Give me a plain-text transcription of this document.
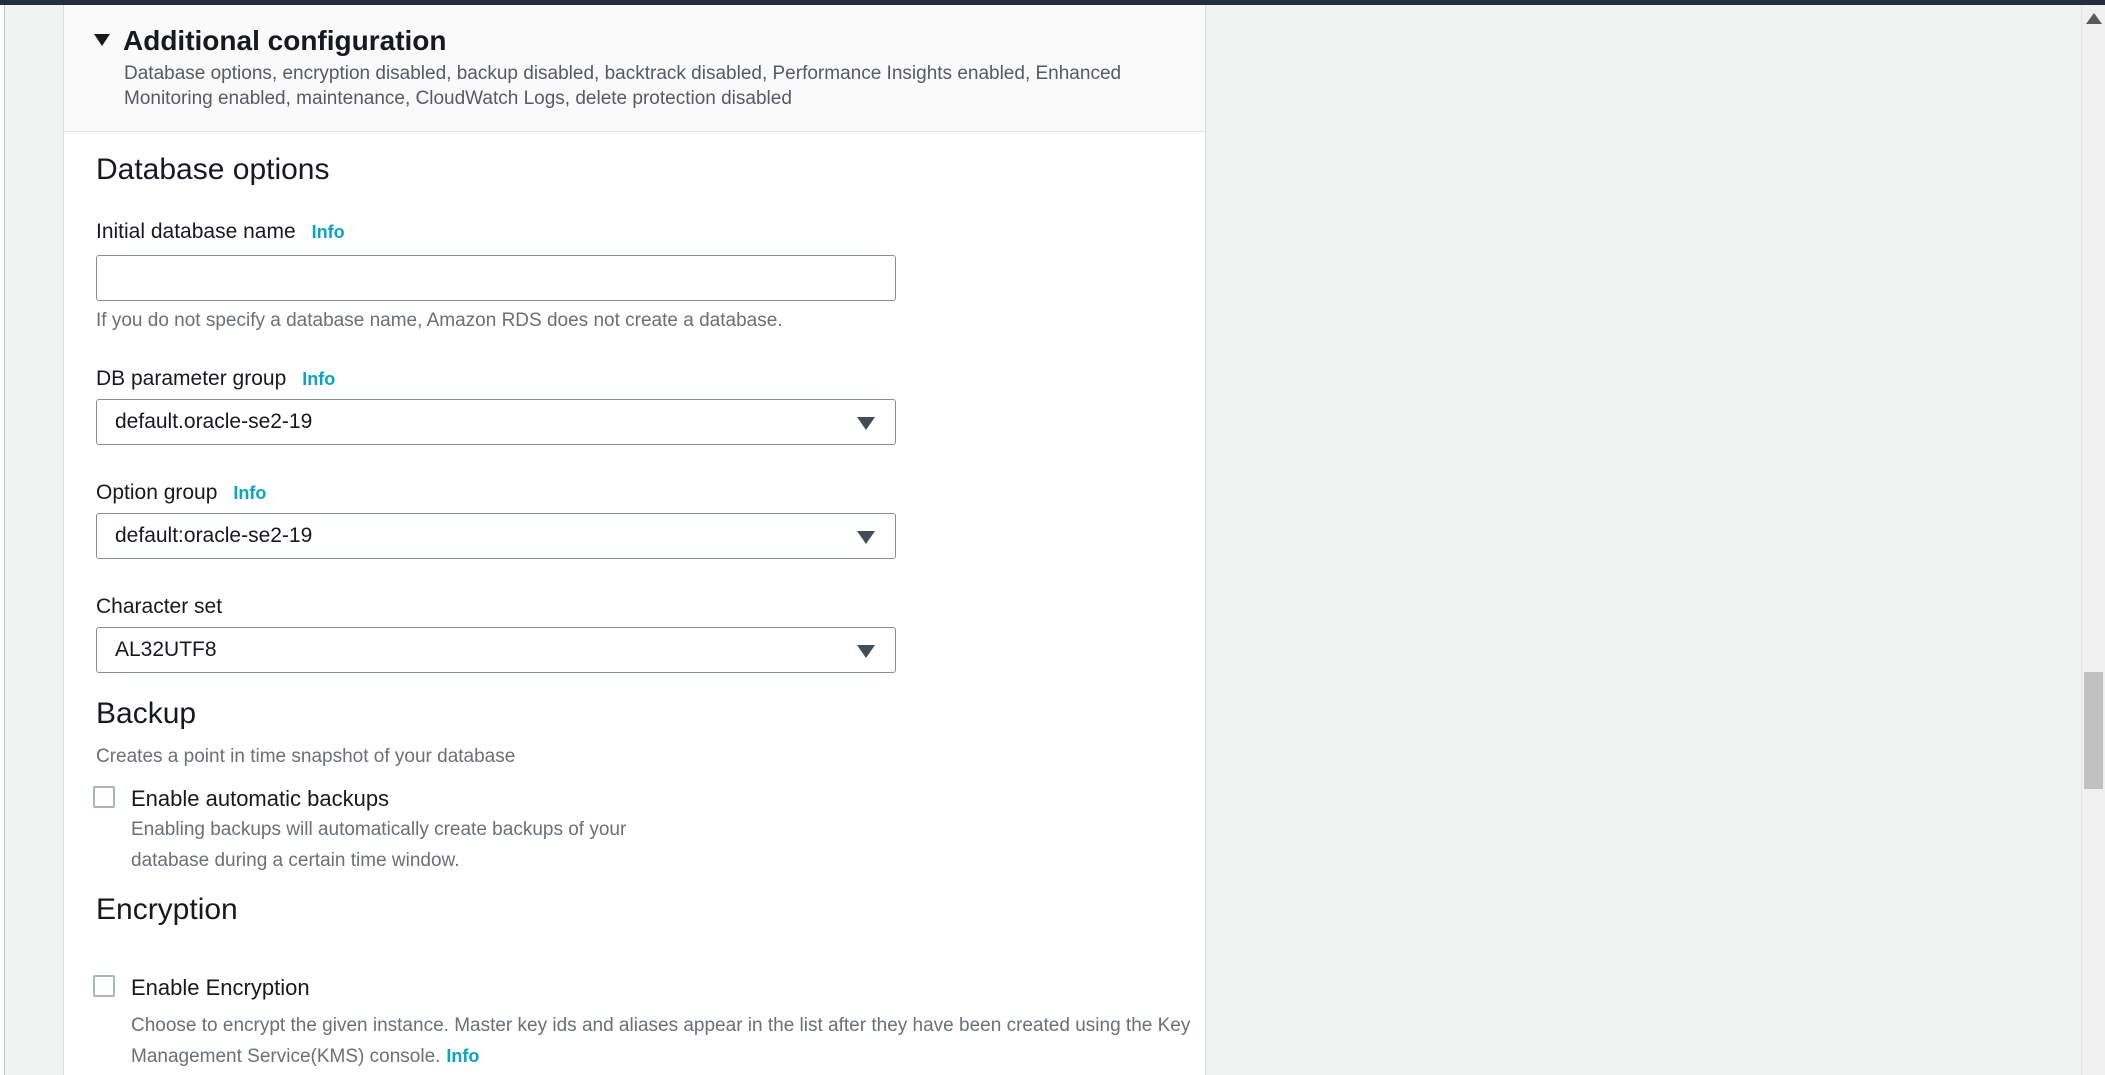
Additional configuration
Database options, encryption disabled, backup disabled, backtrack disabled, Performance Insights enabled, Enhanced
Monitoring enabled, maintenance, CloudWatch Logs, delete protection disabled
Database options
Initial database name Info
If you do not specify a database name, Amazon RDS does not create a database.
DB parameter group Info
default.oracle-se2-19
Option group Info
default:oracle-se2-19
Character set
AL32UTF8
Backup
Creates a point in time snapshot of your database
Enable automatic backups
Enabling backups will automatically create backups of your
database during a certain time window.
Encryption
Enable Encryption
Choose to encrypt the given instance. Master key ids and aliases appear in the list after they have been created using the Key
Management Service(KMS) console. Info
